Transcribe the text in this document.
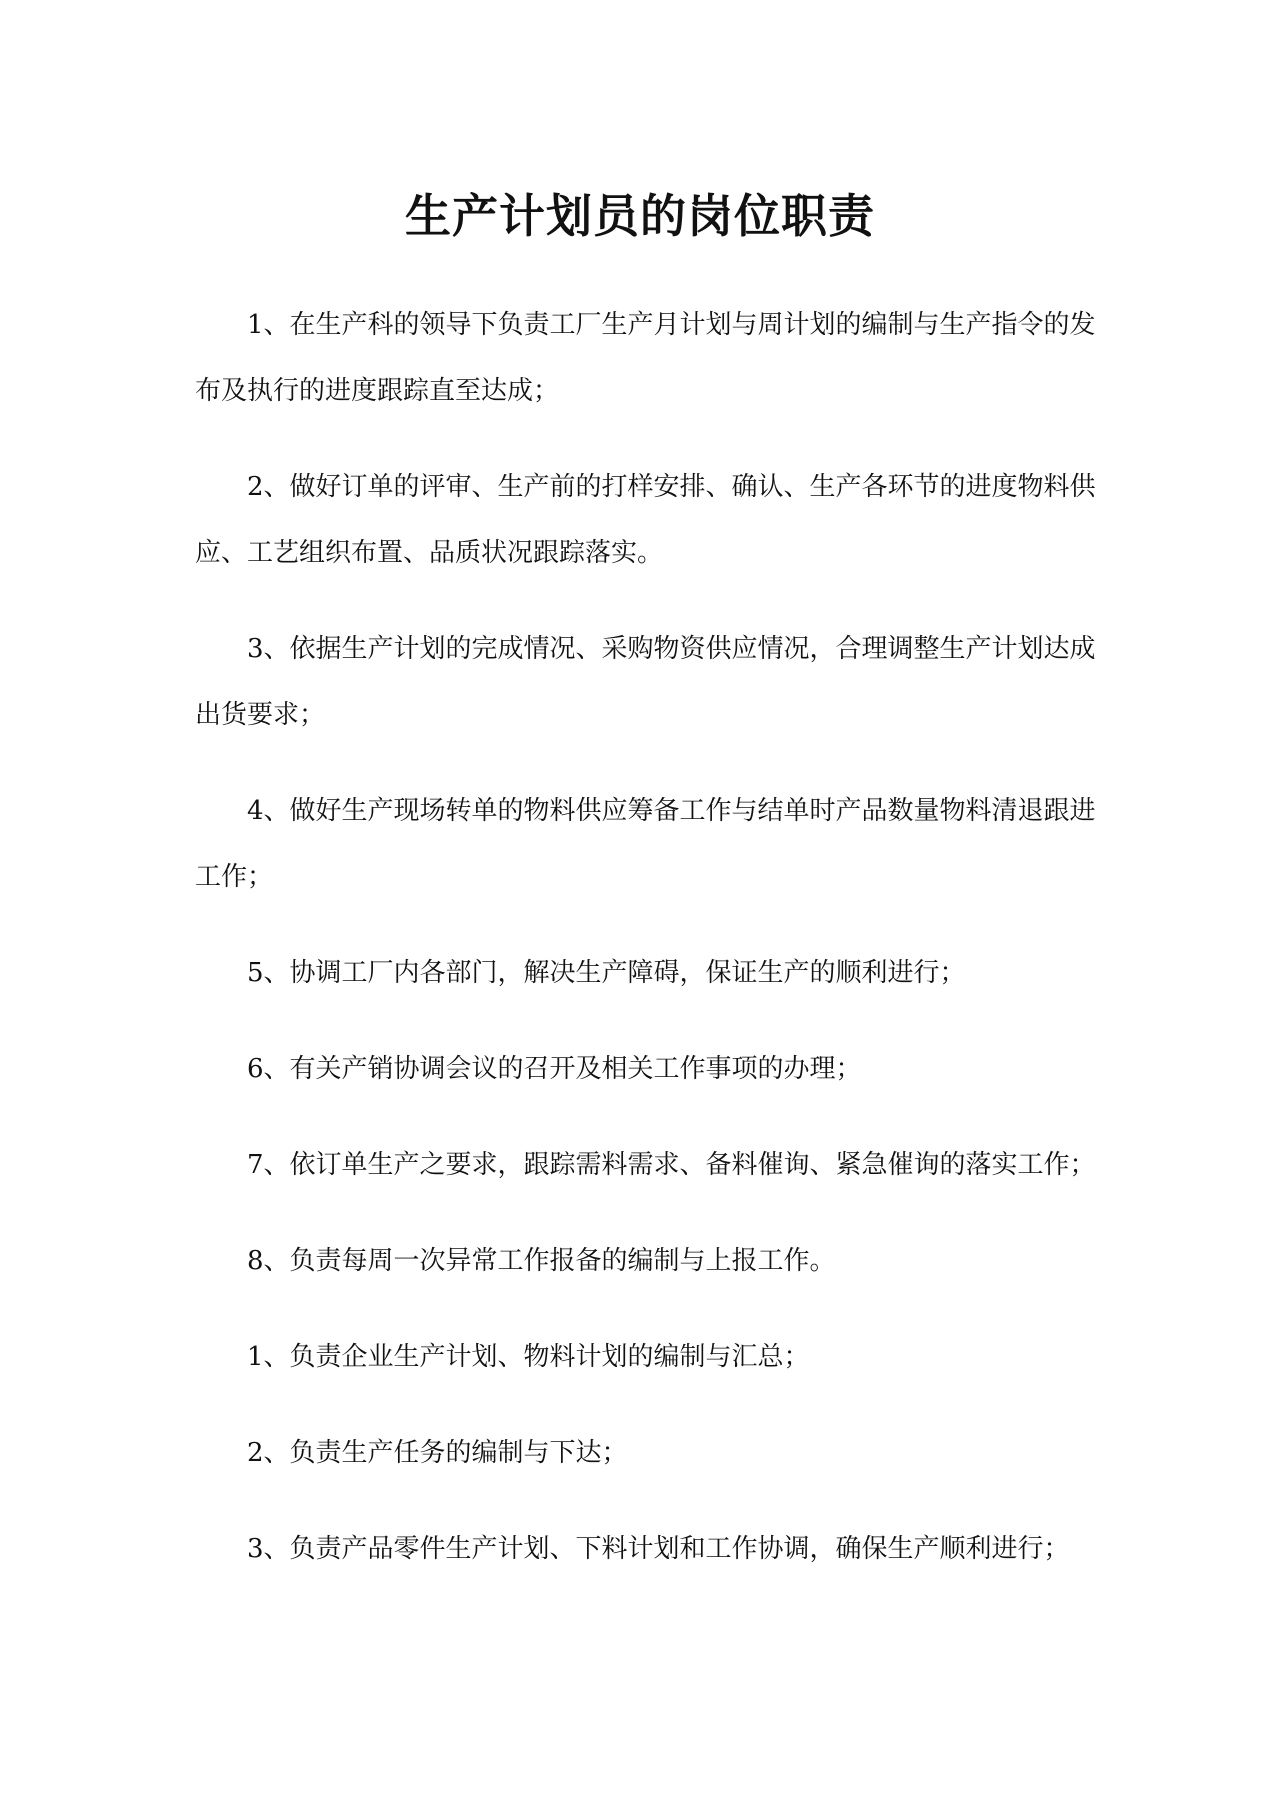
生产计划员的岗位职责
1、在生产科的领导下负责工厂生产月计划与周计划的编制与生产指令的发
布及执行的进度跟踪直至达成；
2、做好订单的评审、生产前的打样安排、确认、生产各环节的进度物料供
应、工艺组织布置、品质状况跟踪落实。
3、依据生产计划的完成情况、采购物资供应情况，合理调整生产计划达成
出货要求；
4、做好生产现场转单的物料供应筹备工作与结单时产品数量物料清退跟进
工作；
5、协调工厂内各部门，解决生产障碍，保证生产的顺利进行；
6、有关产销协调会议的召开及相关工作事项的办理；
7、依订单生产之要求，跟踪需料需求、备料催询、紧急催询的落实工作；
8、负责每周一次异常工作报备的编制与上报工作。
1、负责企业生产计划、物料计划的编制与汇总；
2、负责生产任务的编制与下达；
3、负责产品零件生产计划、下料计划和工作协调，确保生产顺利进行；
